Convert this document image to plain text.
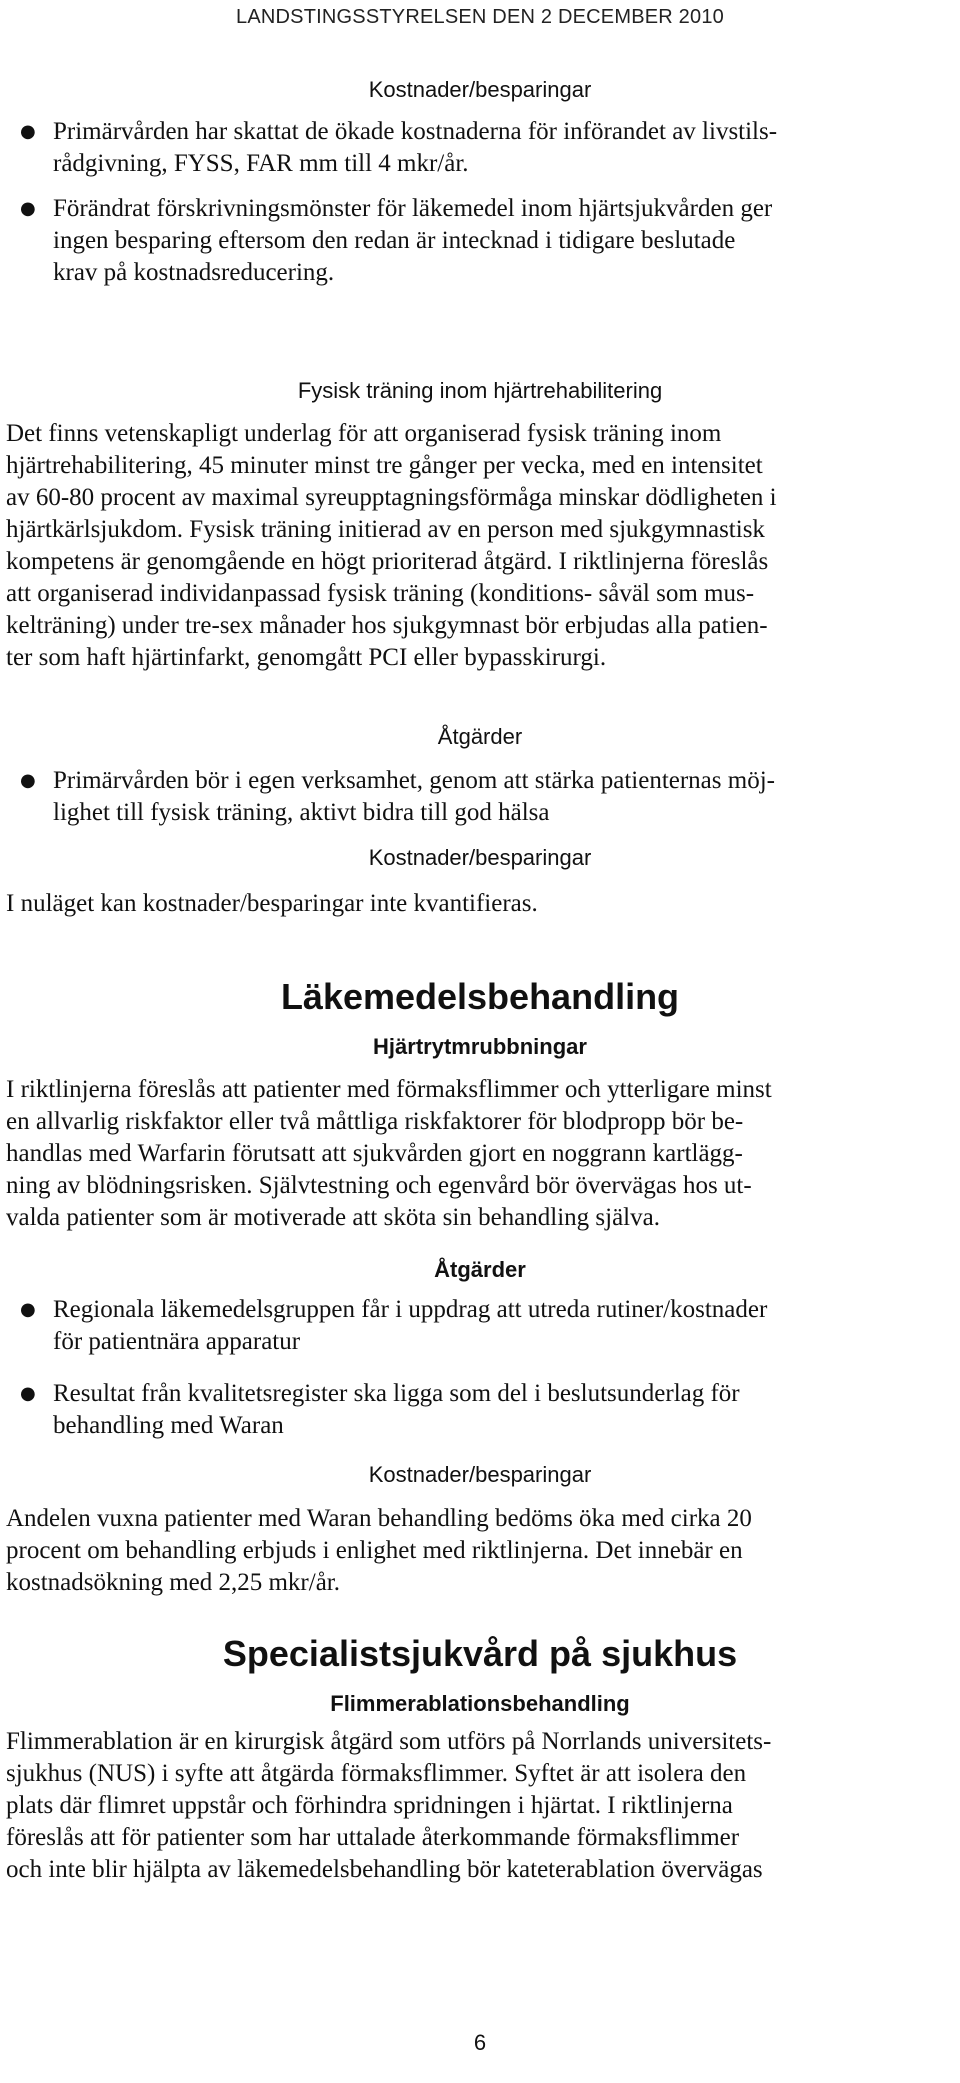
LANDSTINGSSTYRELSEN DEN 2 DECEMBER 2010
Kostnader/besparingar
● Primärvården har skattat de ökade kostnaderna för införandet av livstils-
rådgivning, FYSS, FAR mm till 4 mkr/år.
● Förändrat förskrivningsmönster för läkemedel inom hjärtsjukvården ger
ingen besparing eftersom den redan är intecknad i tidigare beslutade
krav på kostnadsreducering.
Fysisk träning inom hjärtrehabilitering
Det finns vetenskapligt underlag för att organiserad fysisk träning inom
hjärtrehabilitering, 45 minuter minst tre gånger per vecka, med en intensitet
av 60-80 procent av maximal syreupptagningsförmåga minskar dödligheten i
hjärtkärlsjukdom. Fysisk träning initierad av en person med sjukgymnastisk
kompetens är genomgående en högt prioriterad åtgärd. I riktlinjerna föreslås
att organiserad individanpassad fysisk träning (konditions- såväl som mus-
kelträning) under tre-sex månader hos sjukgymnast bör erbjudas alla patien-
ter som haft hjärtinfarkt, genomgått PCI eller bypasskirurgi.
Åtgärder
● Primärvården bör i egen verksamhet, genom att stärka patienternas möj-
lighet till fysisk träning, aktivt bidra till god hälsa
Kostnader/besparingar
I nuläget kan kostnader/besparingar inte kvantifieras.
Läkemedelsbehandling
Hjärtrytmrubbningar
I riktlinjerna föreslås att patienter med förmaksflimmer och ytterligare minst
en allvarlig riskfaktor eller två måttliga riskfaktorer för blodpropp bör be-
handlas med Warfarin förutsatt att sjukvården gjort en noggrann kartlägg-
ning av blödningsrisken. Självtestning och egenvård bör övervägas hos ut-
valda patienter som är motiverade att sköta sin behandling själva.
Åtgärder
● Regionala läkemedelsgruppen får i uppdrag att utreda rutiner/kostnader
för patientnära apparatur
● Resultat från kvalitetsregister ska ligga som del i beslutsunderlag för
behandling med Waran
Kostnader/besparingar
Andelen vuxna patienter med Waran behandling bedöms öka med cirka 20
procent om behandling erbjuds i enlighet med riktlinjerna. Det innebär en
kostnadsökning med 2,25 mkr/år.
Specialistsjukvård på sjukhus
Flimmerablationsbehandling
Flimmerablation är en kirurgisk åtgärd som utförs på Norrlands universitets-
sjukhus (NUS) i syfte att åtgärda förmaksflimmer. Syftet är att isolera den
plats där flimret uppstår och förhindra spridningen i hjärtat. I riktlinjerna
föreslås att för patienter som har uttalade återkommande förmaksflimmer
och inte blir hjälpta av läkemedelsbehandling bör kateterablation övervägas
6
